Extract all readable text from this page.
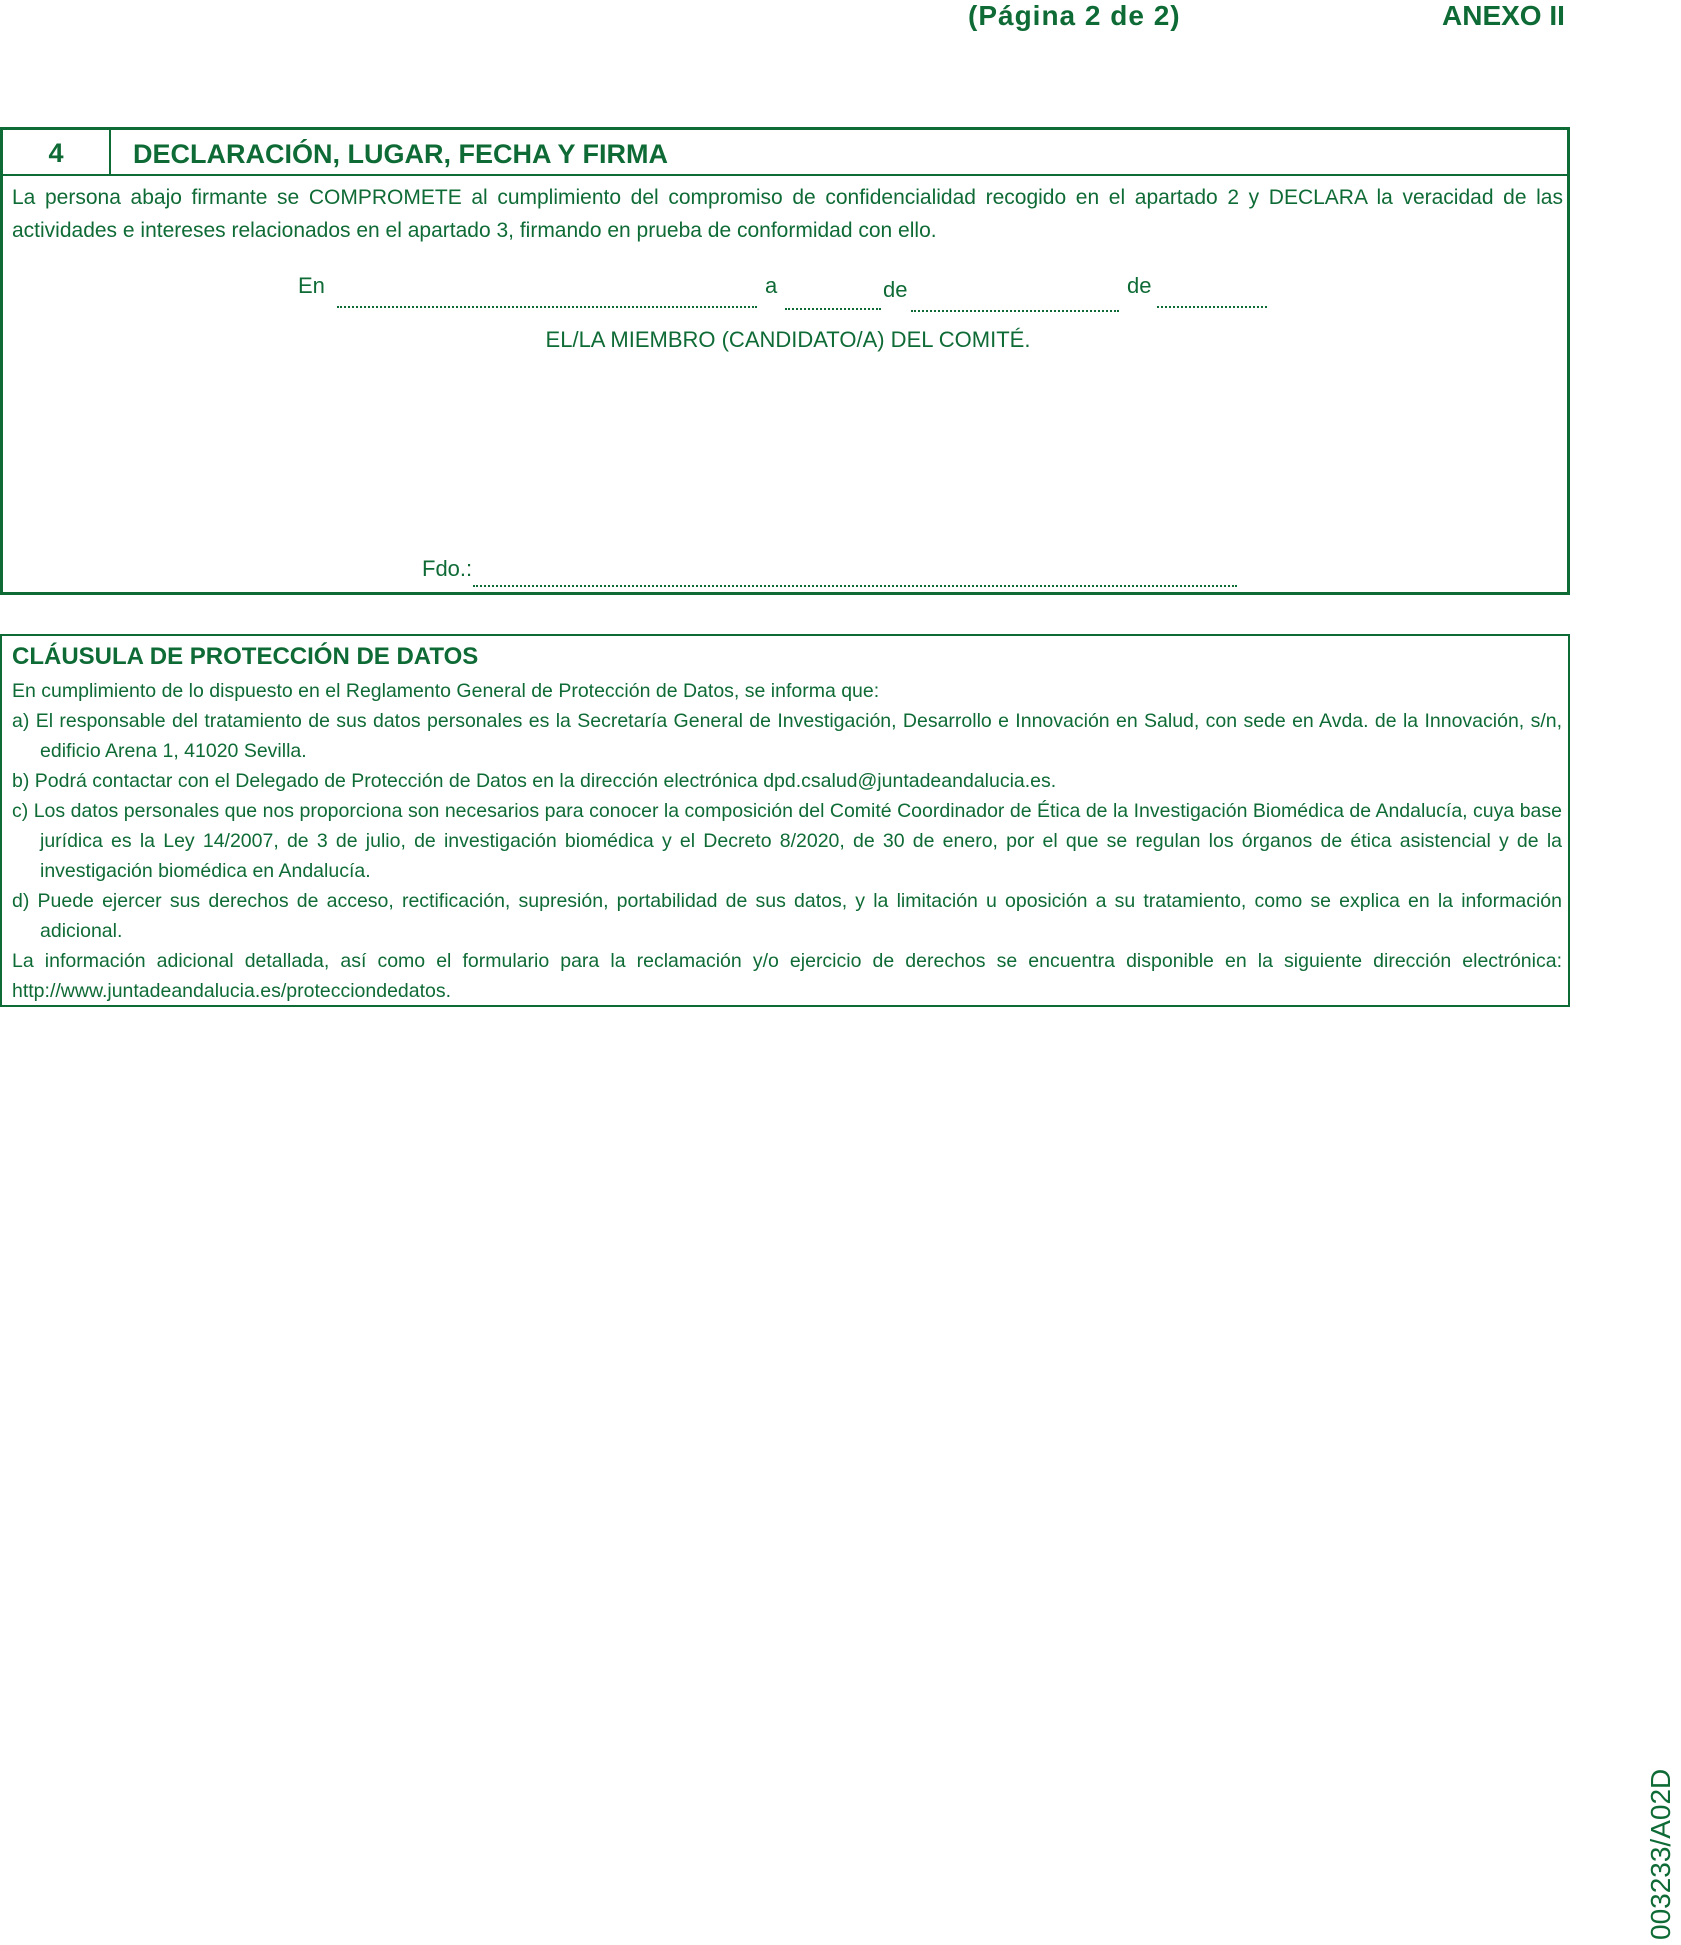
(Página 2 de 2)	ANEXO II
4	DECLARACIÓN, LUGAR, FECHA Y FIRMA
La persona abajo firmante se COMPROMETE al cumplimiento del compromiso de confidencialidad recogido en el apartado 2 y DECLARA la veracidad de las actividades e intereses relacionados en el apartado 3, firmando en prueba de conformidad con ello.
En	a	de	de
EL/LA MIEMBRO (CANDIDATO/A) DEL COMITÉ.
Fdo.:
CLÁUSULA DE PROTECCIÓN DE DATOS

En cumplimiento de lo dispuesto en el Reglamento General de Protección de Datos, se informa que:

a) El responsable del tratamiento de sus datos personales es la Secretaría General de Investigación, Desarrollo e Innovación en Salud, con sede en Avda. de la Innovación, s/n, edificio Arena 1, 41020 Sevilla.

b) Podrá contactar con el Delegado de Protección de Datos en la dirección electrónica dpd.csalud@juntadeandalucia.es.

c) Los datos personales que nos proporciona son necesarios para conocer la composición del Comité Coordinador de Ética de la Investigación Biomédica de Andalucía, cuya base jurídica es la Ley 14/2007, de 3 de julio, de investigación biomédica y el Decreto 8/2020, de 30 de enero, por el que se regulan los órganos de ética asistencial y de la investigación biomédica en Andalucía.

d) Puede ejercer sus derechos de acceso, rectificación, supresión, portabilidad de sus datos, y la limitación u oposición a su tratamiento, como se explica en la información adicional.

La información adicional detallada, así como el formulario para la reclamación y/o ejercicio de derechos se encuentra disponible en la siguiente dirección electrónica: http://www.juntadeandalucia.es/protecciondedatos.

003233/A02D
